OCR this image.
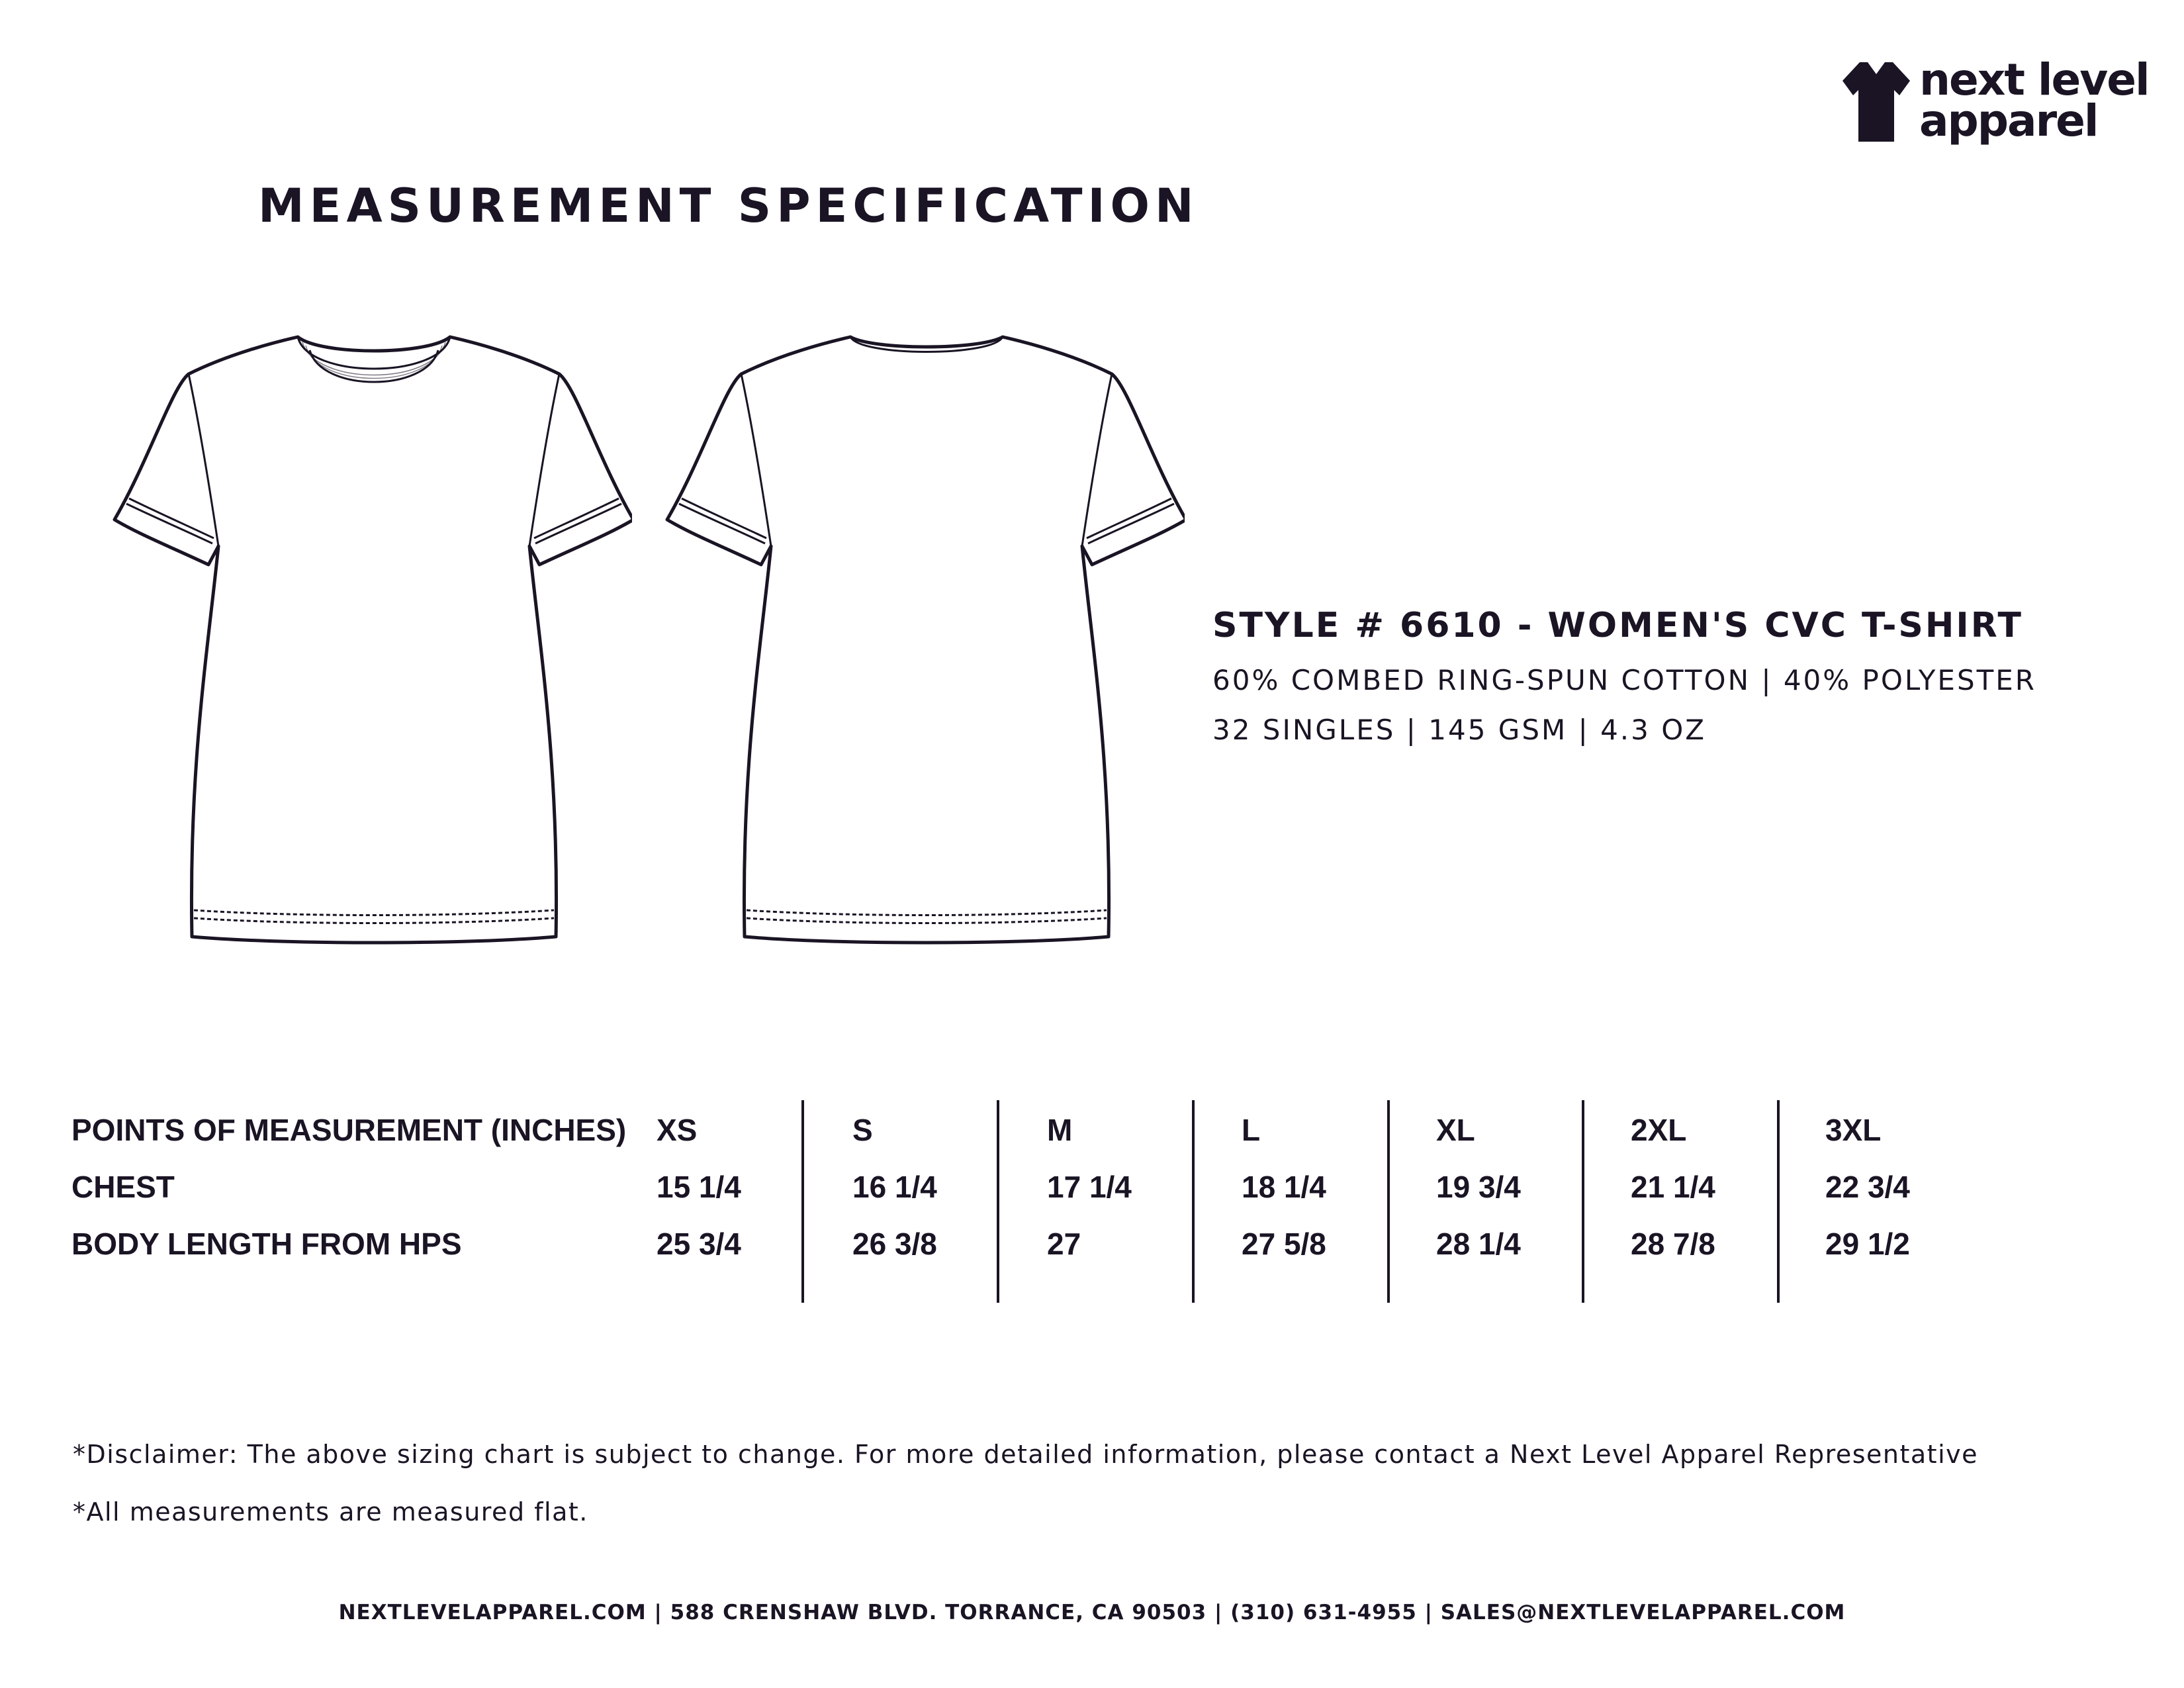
next level
apparel
MEASUREMENT SPECIFICATION
STYLE # 6610 - WOMEN'S CVC T-SHIRT
60% COMBED RING-SPUN COTTON | 40% POLYESTER
32 SINGLES | 145 GSM | 4.3 OZ
POINTS OF MEASUREMENT (INCHES) XS	S	M	L	XL	2XL	3XL
CHEST	15 1/4	16 1/4	17 1/4	18 1/4	19 3/4	21 1/4	22 3/4
BODY LENGTH FROM HPS	25 3/4	26 3/8	27	27 5/8	28 1/4	28 7/8	29 1/2
*Disclaimer: The above sizing chart is subject to change. For more detailed information, please contact a Next Level Apparel Representative
*All measurements are measured flat.
NEXTLEVELAPPAREL.COM | 588 CRENSHAW BLVD. TORRANCE, CA 90503 | (310) 631-4955 | SALES@NEXTLEVELAPPAREL.COM
